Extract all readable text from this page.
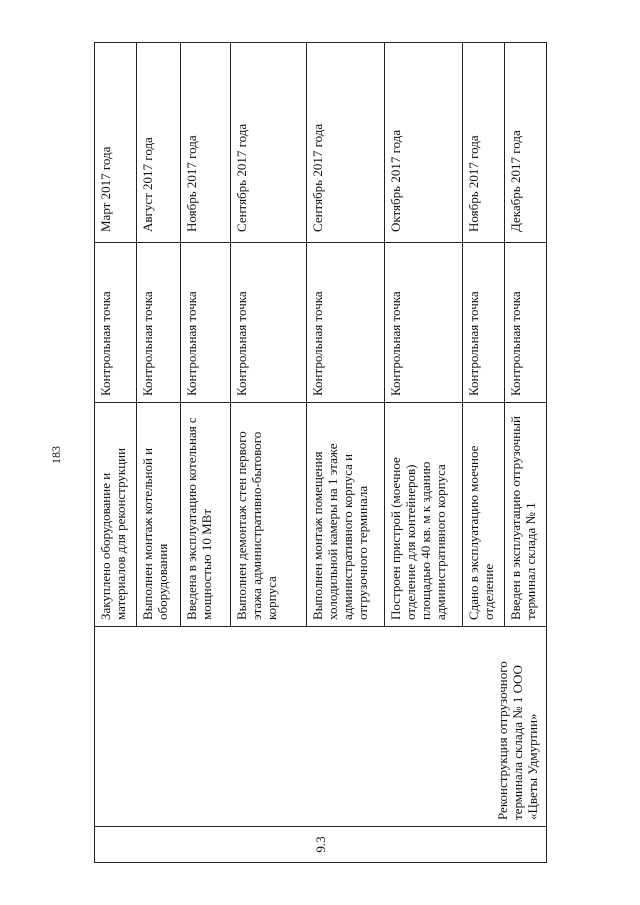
183
9.3	Реконструкция отгрузочного терминала склада № 1 ООО «Цветы Удмуртии»	Закуплено оборудование и материалов для реконструкции	Контрольная точка	Март 2017 года
		Выполнен монтаж котельной и оборудования	Контрольная точка	Август 2017 года
		Введена в эксплуатацию котельная с мощностью 10 МВт	Контрольная точка	Ноябрь 2017 года
		Выполнен демонтаж стен первого этажа административно-бытового корпуса	Контрольная точка	Сентябрь 2017 года
		Выполнен монтаж помещения холодильной камеры на 1 этаже административного корпуса и отгрузочного терминала	Контрольная точка	Сентябрь 2017 года
		Построен пристрой (моечное отделение для контейнеров) площадью 40 кв. м к зданию административного корпуса	Контрольная точка	Октябрь 2017 года
		Сдано в эксплуатацию моечное отделение	Контрольная точка	Ноябрь 2017 года
		Введен в эксплуатацию отгрузочный терминал склада № 1	Контрольная точка	Декабрь 2017 года
